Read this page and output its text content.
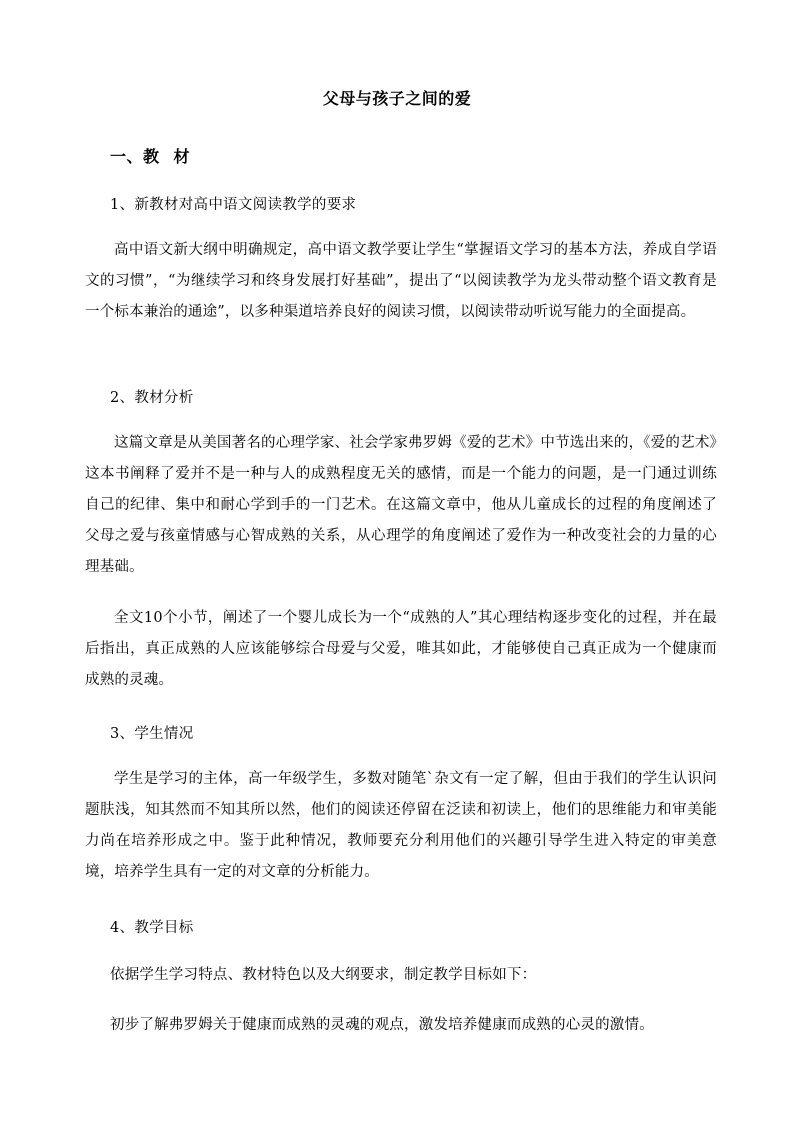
父母与孩子之间的爱
一、教 材
1、新教材对高中语文阅读教学的要求
高中语文新大纲中明确规定，高中语文教学要让学生“掌握语文学习的基本方法，养成自学语文的习惯”，“为继续学习和终身发展打好基础”，提出了“以阅读教学为龙头带动整个语文教育是一个标本兼治的通途”，以多种渠道培养良好的阅读习惯，以阅读带动听说写能力的全面提高。
2、教材分析
这篇文章是从美国著名的心理学家、社会学家弗罗姆《爱的艺术》中节选出来的，《爱的艺术》这本书阐释了爱并不是一种与人的成熟程度无关的感情，而是一个能力的问题，是一门通过训练自己的纪律、集中和耐心学到手的一门艺术。在这篇文章中，他从儿童成长的过程的角度阐述了父母之爱与孩童情感与心智成熟的关系，从心理学的角度阐述了爱作为一种改变社会的力量的心理基础。
全文10个小节，阐述了一个婴儿成长为一个“成熟的人”其心理结构逐步变化的过程，并在最后指出，真正成熟的人应该能够综合母爱与父爱，唯其如此，才能够使自己真正成为一个健康而成熟的灵魂。
3、学生情况
学生是学习的主体，高一年级学生，多数对随笔`杂文有一定了解，但由于我们的学生认识问题肤浅，知其然而不知其所以然，他们的阅读还停留在泛读和初读上，他们的思维能力和审美能力尚在培养形成之中。鉴于此种情况，教师要充分利用他们的兴趣引导学生进入特定的审美意境，培养学生具有一定的对文章的分析能力。
4、教学目标
依据学生学习特点、教材特色以及大纲要求，制定教学目标如下：
初步了解弗罗姆关于健康而成熟的灵魂的观点，激发培养健康而成熟的心灵的激情。
